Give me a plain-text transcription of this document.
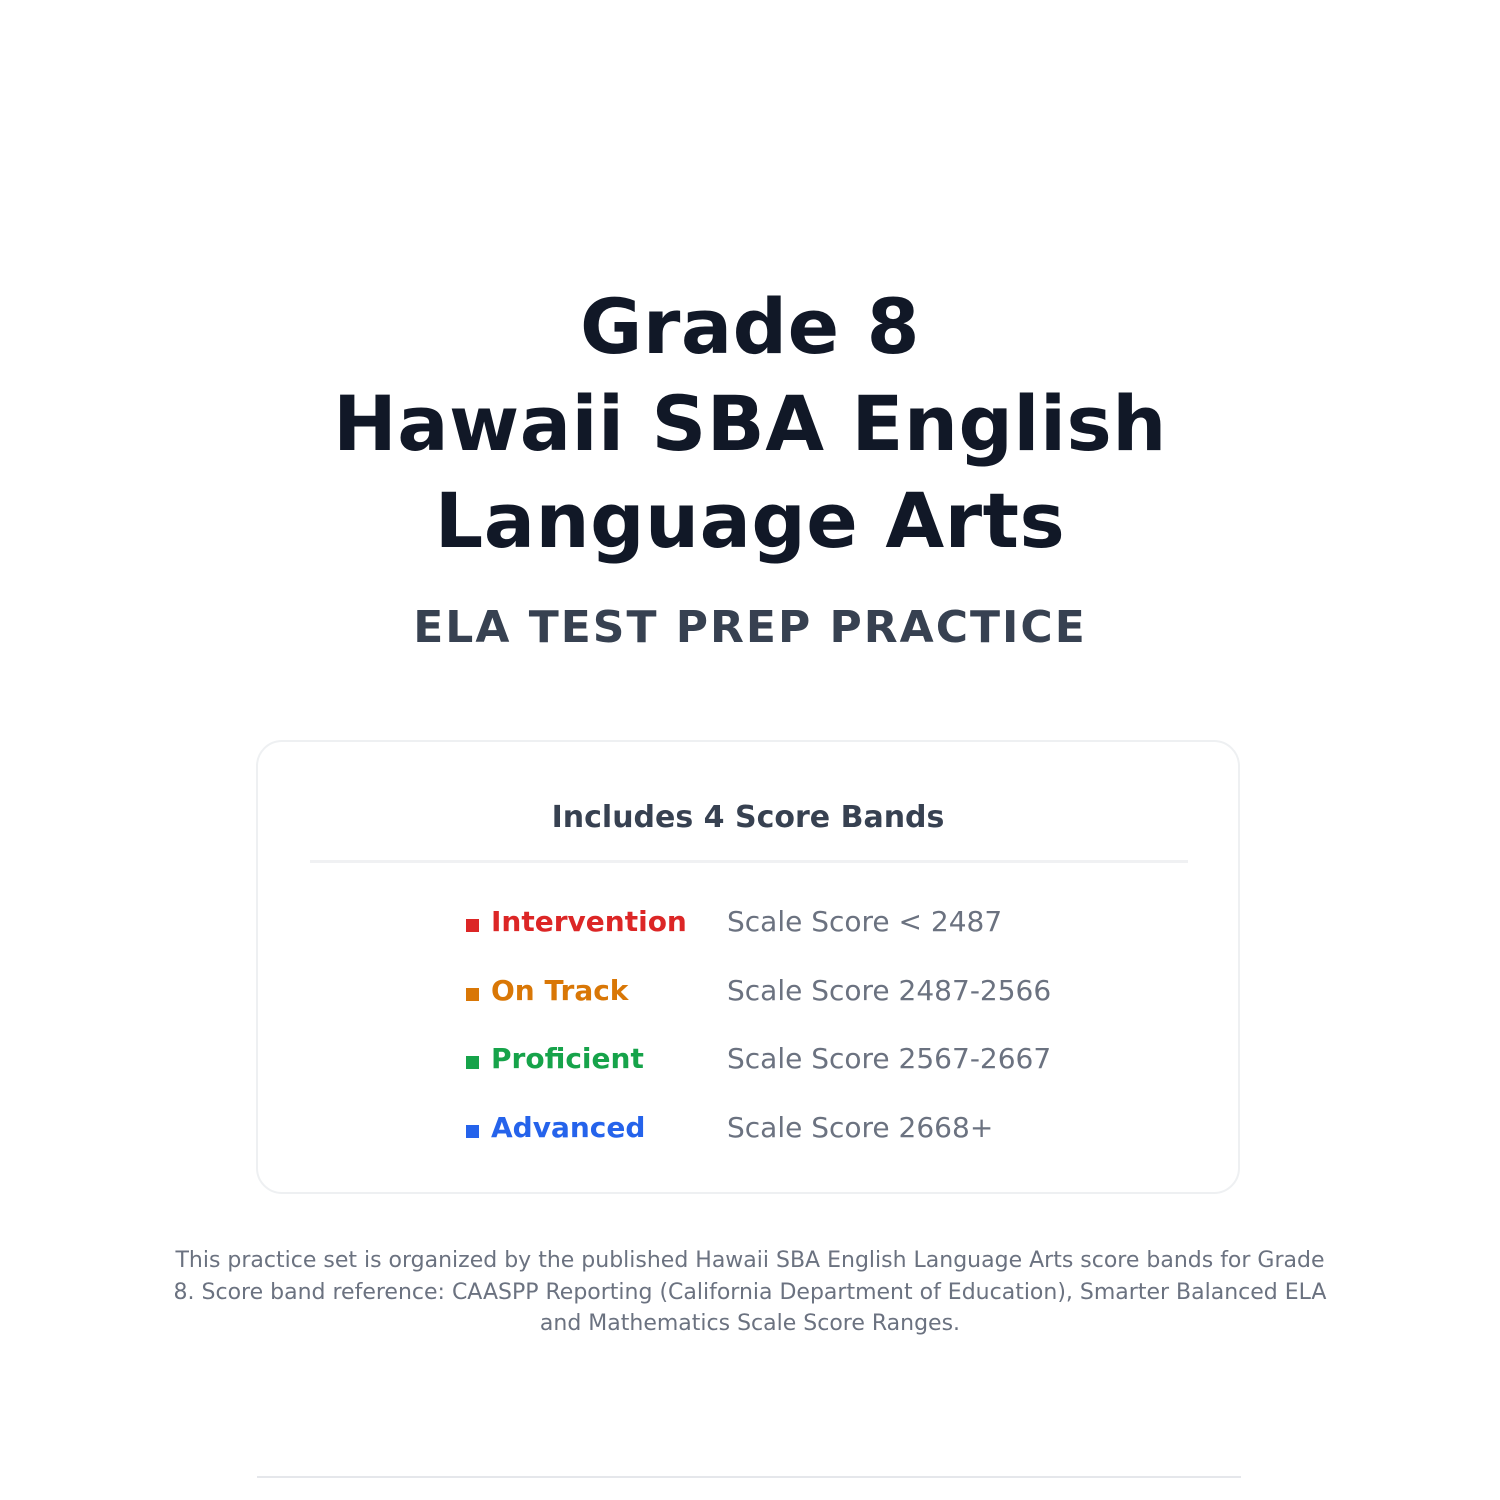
Grade 8
Hawaii SBA English
Language Arts
ELA TEST PREP PRACTICE
Includes 4 Score Bands
Intervention Scale Score < 2487
On Track	Scale Score 2487-2566
Proficient	Scale Score 2567-2667
Advanced	Scale Score 2668+

This practice set is organized by the published Hawaii SBA English Language Arts score bands for Grade 8. Score band reference: CAASPP Reporting (California Department of Education), Smarter Balanced ELA and Mathematics Scale Score Ranges.
